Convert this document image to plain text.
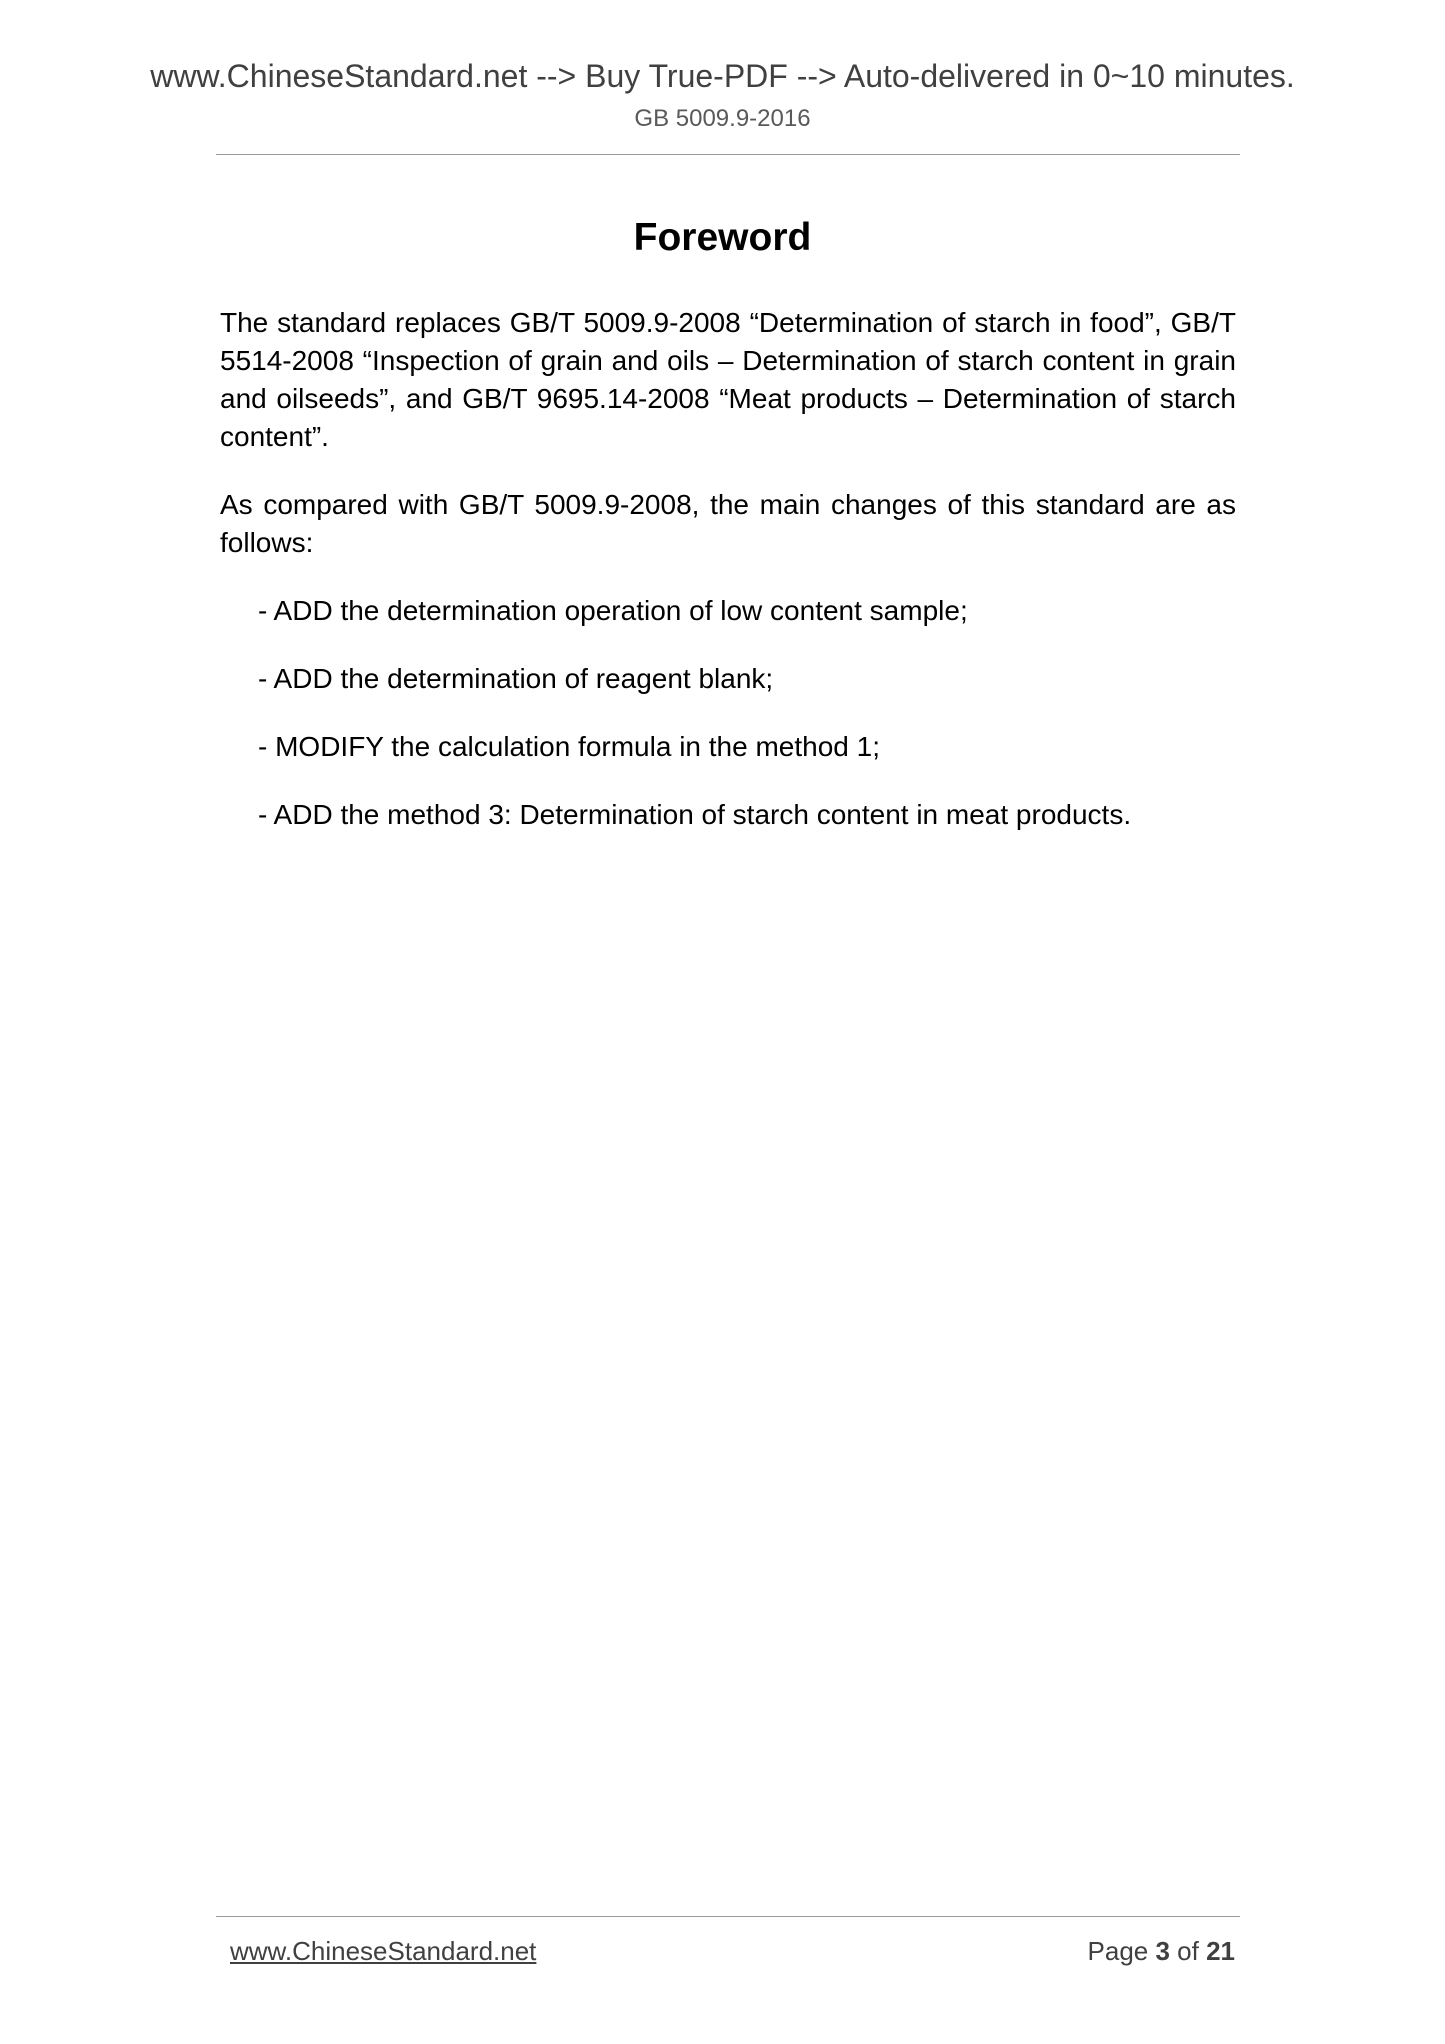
www.ChineseStandard.net --> Buy True-PDF --> Auto-delivered in 0~10 minutes.
GB 5009.9-2016
Foreword

The standard replaces GB/T 5009.9-2008 “Determination of starch in food”, GB/T 5514-2008 “Inspection of grain and oils – Determination of starch content in grain and oilseeds”, and GB/T 9695.14-2008 “Meat products – Determination of starch content”.

As compared with GB/T 5009.9-2008, the main changes of this standard are as follows:

- ADD the determination operation of low content sample;
- ADD the determination of reagent blank;
- MODIFY the calculation formula in the method 1;
- ADD the method 3: Determination of starch content in meat products.
www.ChineseStandard.net	Page 3 of 21
